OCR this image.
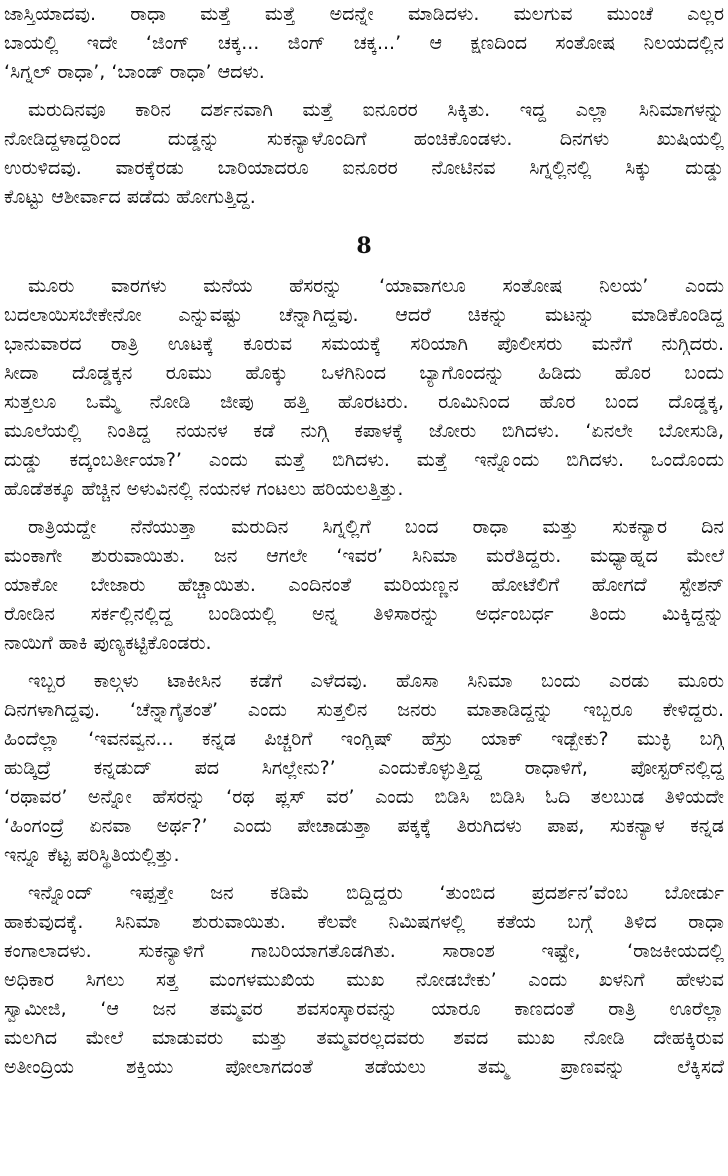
ಜಾಸ್ತಿಯಾದವು. ರಾಧಾ ಮತ್ತೆ ಮತ್ತೆ ಅದನ್ನೇ ಮಾಡಿದಳು. ಮಲಗುವ ಮುಂಚೆ ಎಲ್ಲರ
ಬಾಯಲ್ಲಿ ಇದೇ ‘ಜಿಂಗ್ ಚಕ್ಕ... ಜಿಂಗ್ ಚಕ್ಕ...’ ಆ ಕ್ಷಣದಿಂದ ಸಂತೋಷ ನಿಲಯದಲ್ಲಿನ
‘ಸಿಗ್ನಲ್ ರಾಧಾ’, ‘ಬಾಂಡ್ ರಾಧಾ’ ಆದಳು.
ಮರುದಿನವೂ ಕಾರಿನ ದರ್ಶನವಾಗಿ ಮತ್ತೆ ಐನೂರರ ಸಿಕ್ಕಿತು. ಇದ್ದ ಎಲ್ಲಾ ಸಿನಿಮಾಗಳನ್ನು
ನೋಡಿದ್ದಳಾದ್ದರಿಂದ ದುಡ್ಡನ್ನು ಸುಕನ್ಯಾಳೊಂದಿಗೆ ಹಂಚಿಕೊಂಡಳು. ದಿನಗಳು ಖುಷಿಯಲ್ಲಿ
ಉರುಳಿದವು. ವಾರಕ್ಕೆರಡು ಬಾರಿಯಾದರೂ ಐನೂರರ ನೋಟಿನವ ಸಿಗ್ನಲ್ಲಿನಲ್ಲಿ ಸಿಕ್ಕು ದುಡ್ಡು
ಕೊಟ್ಟು ಆಶೀರ್ವಾದ ಪಡೆದು ಹೋಗುತ್ತಿದ್ದ.
8
ಮೂರು ವಾರಗಳು ಮನೆಯ ಹೆಸರನ್ನು ‘ಯಾವಾಗಲೂ ಸಂತೋಷ ನಿಲಯ’ ಎಂದು
ಬದಲಾಯಿಸಬೇಕೇನೋ ಎನ್ನುವಷ್ಟು ಚೆನ್ನಾಗಿದ್ದವು. ಆದರೆ ಚಿಕನ್ನು ಮಟನ್ನು ಮಾಡಿಕೊಂಡಿದ್ದ
ಭಾನುವಾರದ ರಾತ್ರಿ ಊಟಕ್ಕೆ ಕೂರುವ ಸಮಯಕ್ಕೆ ಸರಿಯಾಗಿ ಪೊಲೀಸರು ಮನೆಗೆ ನುಗ್ಗಿದರು.
ಸೀದಾ ದೊಡ್ಡಕ್ಕನ ರೂಮು ಹೊಕ್ಕು ಒಳಗಿನಿಂದ ಬ್ಯಾಗೊಂದನ್ನು ಹಿಡಿದು ಹೊರ ಬಂದು
ಸುತ್ತಲೂ ಒಮ್ಮೆ ನೋಡಿ ಜೀಪು ಹತ್ತಿ ಹೊರಟರು. ರೂಮಿನಿಂದ ಹೊರ ಬಂದ ದೊಡ್ಡಕ್ಕ,
ಮೂಲೆಯಲ್ಲಿ ನಿಂತಿದ್ದ ನಯನಳ ಕಡೆ ನುಗ್ಗಿ ಕಪಾಳಕ್ಕೆ ಜೋರು ಬಿಗಿದಳು. ‘ಏನಲೇ ಬೋಸುಡಿ,
ದುಡ್ಡು ಕದ್ಕಂಬರ್ತೀಯಾ?’ ಎಂದು ಮತ್ತೆ ಬಿಗಿದಳು. ಮತ್ತೆ ಇನ್ನೊಂದು ಬಿಗಿದಳು. ಒಂದೊಂದು
ಹೊಡೆತಕ್ಕೂ ಹೆಚ್ಚಿನ ಅಳುವಿನಲ್ಲಿ ನಯನಳ ಗಂಟಲು ಹರಿಯಲತ್ತಿತ್ತು.
ರಾತ್ರಿಯದ್ದೇ ನೆನೆಯುತ್ತಾ ಮರುದಿನ ಸಿಗ್ನಲ್ಲಿಗೆ ಬಂದ ರಾಧಾ ಮತ್ತು ಸುಕನ್ಯಾರ ದಿನ
ಮಂಕಾಗೇ ಶುರುವಾಯಿತು. ಜನ ಆಗಲೇ ‘ಇವರ’ ಸಿನಿಮಾ ಮರೆತಿದ್ದರು. ಮಧ್ಯಾಹ್ನದ ಮೇಲೆ
ಯಾಕೋ ಬೇಜಾರು ಹೆಚ್ಚಾಯಿತು. ಎಂದಿನಂತೆ ಮರಿಯಣ್ಣನ ಹೋಟೆಲಿಗೆ ಹೋಗದೆ ಸ್ಟೇಶನ್
ರೋಡಿನ ಸರ್ಕಲ್ಲಿನಲ್ಲಿದ್ದ ಬಂಡಿಯಲ್ಲಿ ಅನ್ನ ತಿಳಿಸಾರನ್ನು ಅರ್ಧಂಬರ್ಧ ತಿಂದು ಮಿಕ್ಕಿದ್ದನ್ನು
ನಾಯಿಗೆ ಹಾಕಿ ಪುಣ್ಯಕಟ್ಟಿಕೊಂಡರು.
ಇಬ್ಬರ ಕಾಲ್ಗಳು ಟಾಕೀಸಿನ ಕಡೆಗೆ ಎಳೆದವು. ಹೊಸಾ ಸಿನಿಮಾ ಬಂದು ಎರಡು ಮೂರು
ದಿನಗಳಾಗಿದ್ದವು. ‘ಚೆನ್ನಾಗೈತಂತೆ’ ಎಂದು ಸುತ್ತಲಿನ ಜನರು ಮಾತಾಡಿದ್ದನ್ನು ಇಬ್ಬರೂ ಕೇಳಿದ್ದರು.
ಹಿಂದೆಲ್ಲಾ ‘ಇವನವ್ವನ... ಕನ್ನಡ ಪಿಚ್ಚರಿಗೆ ಇಂಗ್ಲಿಷ್ ಹೆಸ್ರು ಯಾಕ್ ಇಡ್ಬೇಕು? ಮುಕ್ಳಿ ಬಗ್ಗಿ
ಹುಡ್ಕಿದ್ರೆ ಕನ್ನಡುದ್ ಪದ ಸಿಗಲ್ಲೇನು?’ ಎಂದುಕೊಳ್ಳುತ್ತಿದ್ದ ರಾಧಾಳಿಗೆ, ಪೋಸ್ಟರ್‌ನಲ್ಲಿದ್ದ
‘ರಥಾವರ’ ಅನ್ನೋ ಹೆಸರನ್ನು ‘ರಥ ಪ್ಲಸ್ ವರ’ ಎಂದು ಬಿಡಿಸಿ ಬಿಡಿಸಿ ಓದಿ ತಲಬುಡ ತಿಳಿಯದೇ
‘ಹಿಂಗಂದ್ರೆ ಏನವಾ ಅರ್ಥ?’ ಎಂದು ಪೇಚಾಡುತ್ತಾ ಪಕ್ಕಕ್ಕೆ ತಿರುಗಿದಳು ಪಾಪ, ಸುಕನ್ಯಾಳ ಕನ್ನಡ
ಇನ್ನೂ ಕೆಟ್ಟ ಪರಿಸ್ಥಿತಿಯಲ್ಲಿತ್ತು.
ಇನ್ನೊಂದ್ ಇಪ್ಪತ್ತೇ ಜನ ಕಡಿಮೆ ಬಿದ್ದಿದ್ದರು ‘ತುಂಬಿದ ಪ್ರದರ್ಶನ’ವೆಂಬ ಬೋರ್ಡು
ಹಾಕುವುದಕ್ಕೆ. ಸಿನಿಮಾ ಶುರುವಾಯಿತು. ಕೆಲವೇ ನಿಮಿಷಗಳಲ್ಲಿ ಕತೆಯ ಬಗ್ಗೆ ತಿಳಿದ ರಾಧಾ
ಕಂಗಾಲಾದಳು. ಸುಕನ್ಯಾಳಿಗೆ ಗಾಬರಿಯಾಗತೊಡಗಿತು. ಸಾರಾಂಶ ಇಷ್ಟೇ, ‘ರಾಜಕೀಯದಲ್ಲಿ
ಅಧಿಕಾರ ಸಿಗಲು ಸತ್ತ ಮಂಗಳಮುಖಿಯ ಮುಖ ನೋಡಬೇಕು’ ಎಂದು ಖಳನಿಗೆ ಹೇಳುವ
ಸ್ವಾಮೀಜಿ, ‘ಆ ಜನ ತಮ್ಮವರ ಶವಸಂಸ್ಕಾರವನ್ನು ಯಾರೂ ಕಾಣದಂತೆ ರಾತ್ರಿ ಊರೆಲ್ಲಾ
ಮಲಗಿದ ಮೇಲೆ ಮಾಡುವರು ಮತ್ತು ತಮ್ಮವರಲ್ಲದವರು ಶವದ ಮುಖ ನೋಡಿ ದೇಹಕ್ಕಿರುವ
ಅತೀಂದ್ರಿಯ ಶಕ್ತಿಯು ಪೋಲಾಗದಂತೆ ತಡೆಯಲು ತಮ್ಮ ಪ್ರಾಣವನ್ನು ಲೆಕ್ಕಿಸದೆ
